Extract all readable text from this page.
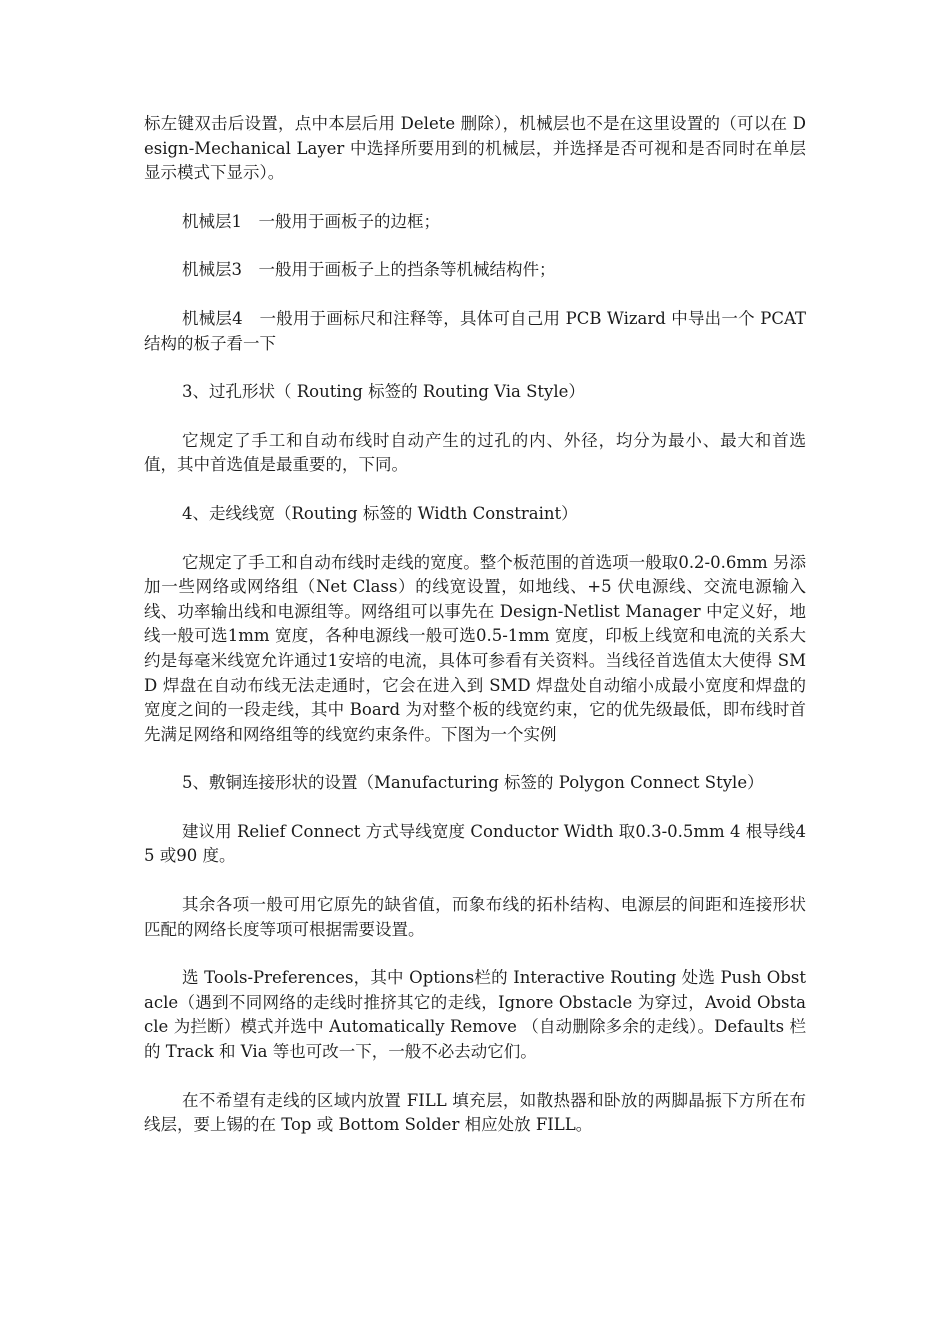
标左键双击后设置，点中本层后用 Delete 删除），机械层也不是在这里设置的（可以在 Design-Mechanical Layer 中选择所要用到的机械层，并选择是否可视和是否同时在单层显示模式下显示）。

机械层1　一般用于画板子的边框；

机械层3　一般用于画板子上的挡条等机械结构件；

机械层4　一般用于画标尺和注释等，具体可自己用 PCB Wizard 中导出一个 PCAT 结构的板子看一下

3、过孔形状（ Routing 标签的 Routing Via Style）

它规定了手工和自动布线时自动产生的过孔的内、外径，均分为最小、最大和首选值，其中首选值是最重要的，下同。

4、走线线宽（Routing 标签的 Width Constraint）

它规定了手工和自动布线时走线的宽度。整个板范围的首选项一般取0.2-0.6mm 另添加一些网络或网络组（Net Class）的线宽设置，如地线、+5 伏电源线、交流电源输入线、功率输出线和电源组等。网络组可以事先在 Design-Netlist Manager 中定义好，地线一般可选1mm 宽度，各种电源线一般可选0.5-1mm 宽度，印板上线宽和电流的关系大约是每毫米线宽允许通过1安培的电流，具体可参看有关资料。当线径首选值太大使得 SMD 焊盘在自动布线无法走通时，它会在进入到 SMD 焊盘处自动缩小成最小宽度和焊盘的宽度之间的一段走线，其中 Board 为对整个板的线宽约束，它的优先级最低，即布线时首先满足网络和网络组等的线宽约束条件。下图为一个实例

5、敷铜连接形状的设置（Manufacturing 标签的 Polygon Connect Style）

建议用 Relief Connect 方式导线宽度 Conductor Width 取0.3-0.5mm 4 根导线45 或90 度。

其余各项一般可用它原先的缺省值，而象布线的拓朴结构、电源层的间距和连接形状匹配的网络长度等项可根据需要设置。

选 Tools-Preferences，其中 Options栏的 Interactive Routing 处选 Push Obstacle（遇到不同网络的走线时推挤其它的走线，Ignore Obstacle 为穿过，Avoid Obstacle 为拦断）模式并选中 Automatically Remove （自动删除多余的走线）。Defaults 栏的 Track 和 Via 等也可改一下，一般不必去动它们。

在不希望有走线的区域内放置 FILL 填充层，如散热器和卧放的两脚晶振下方所在布线层，要上锡的在 Top 或 Bottom Solder 相应处放 FILL。
